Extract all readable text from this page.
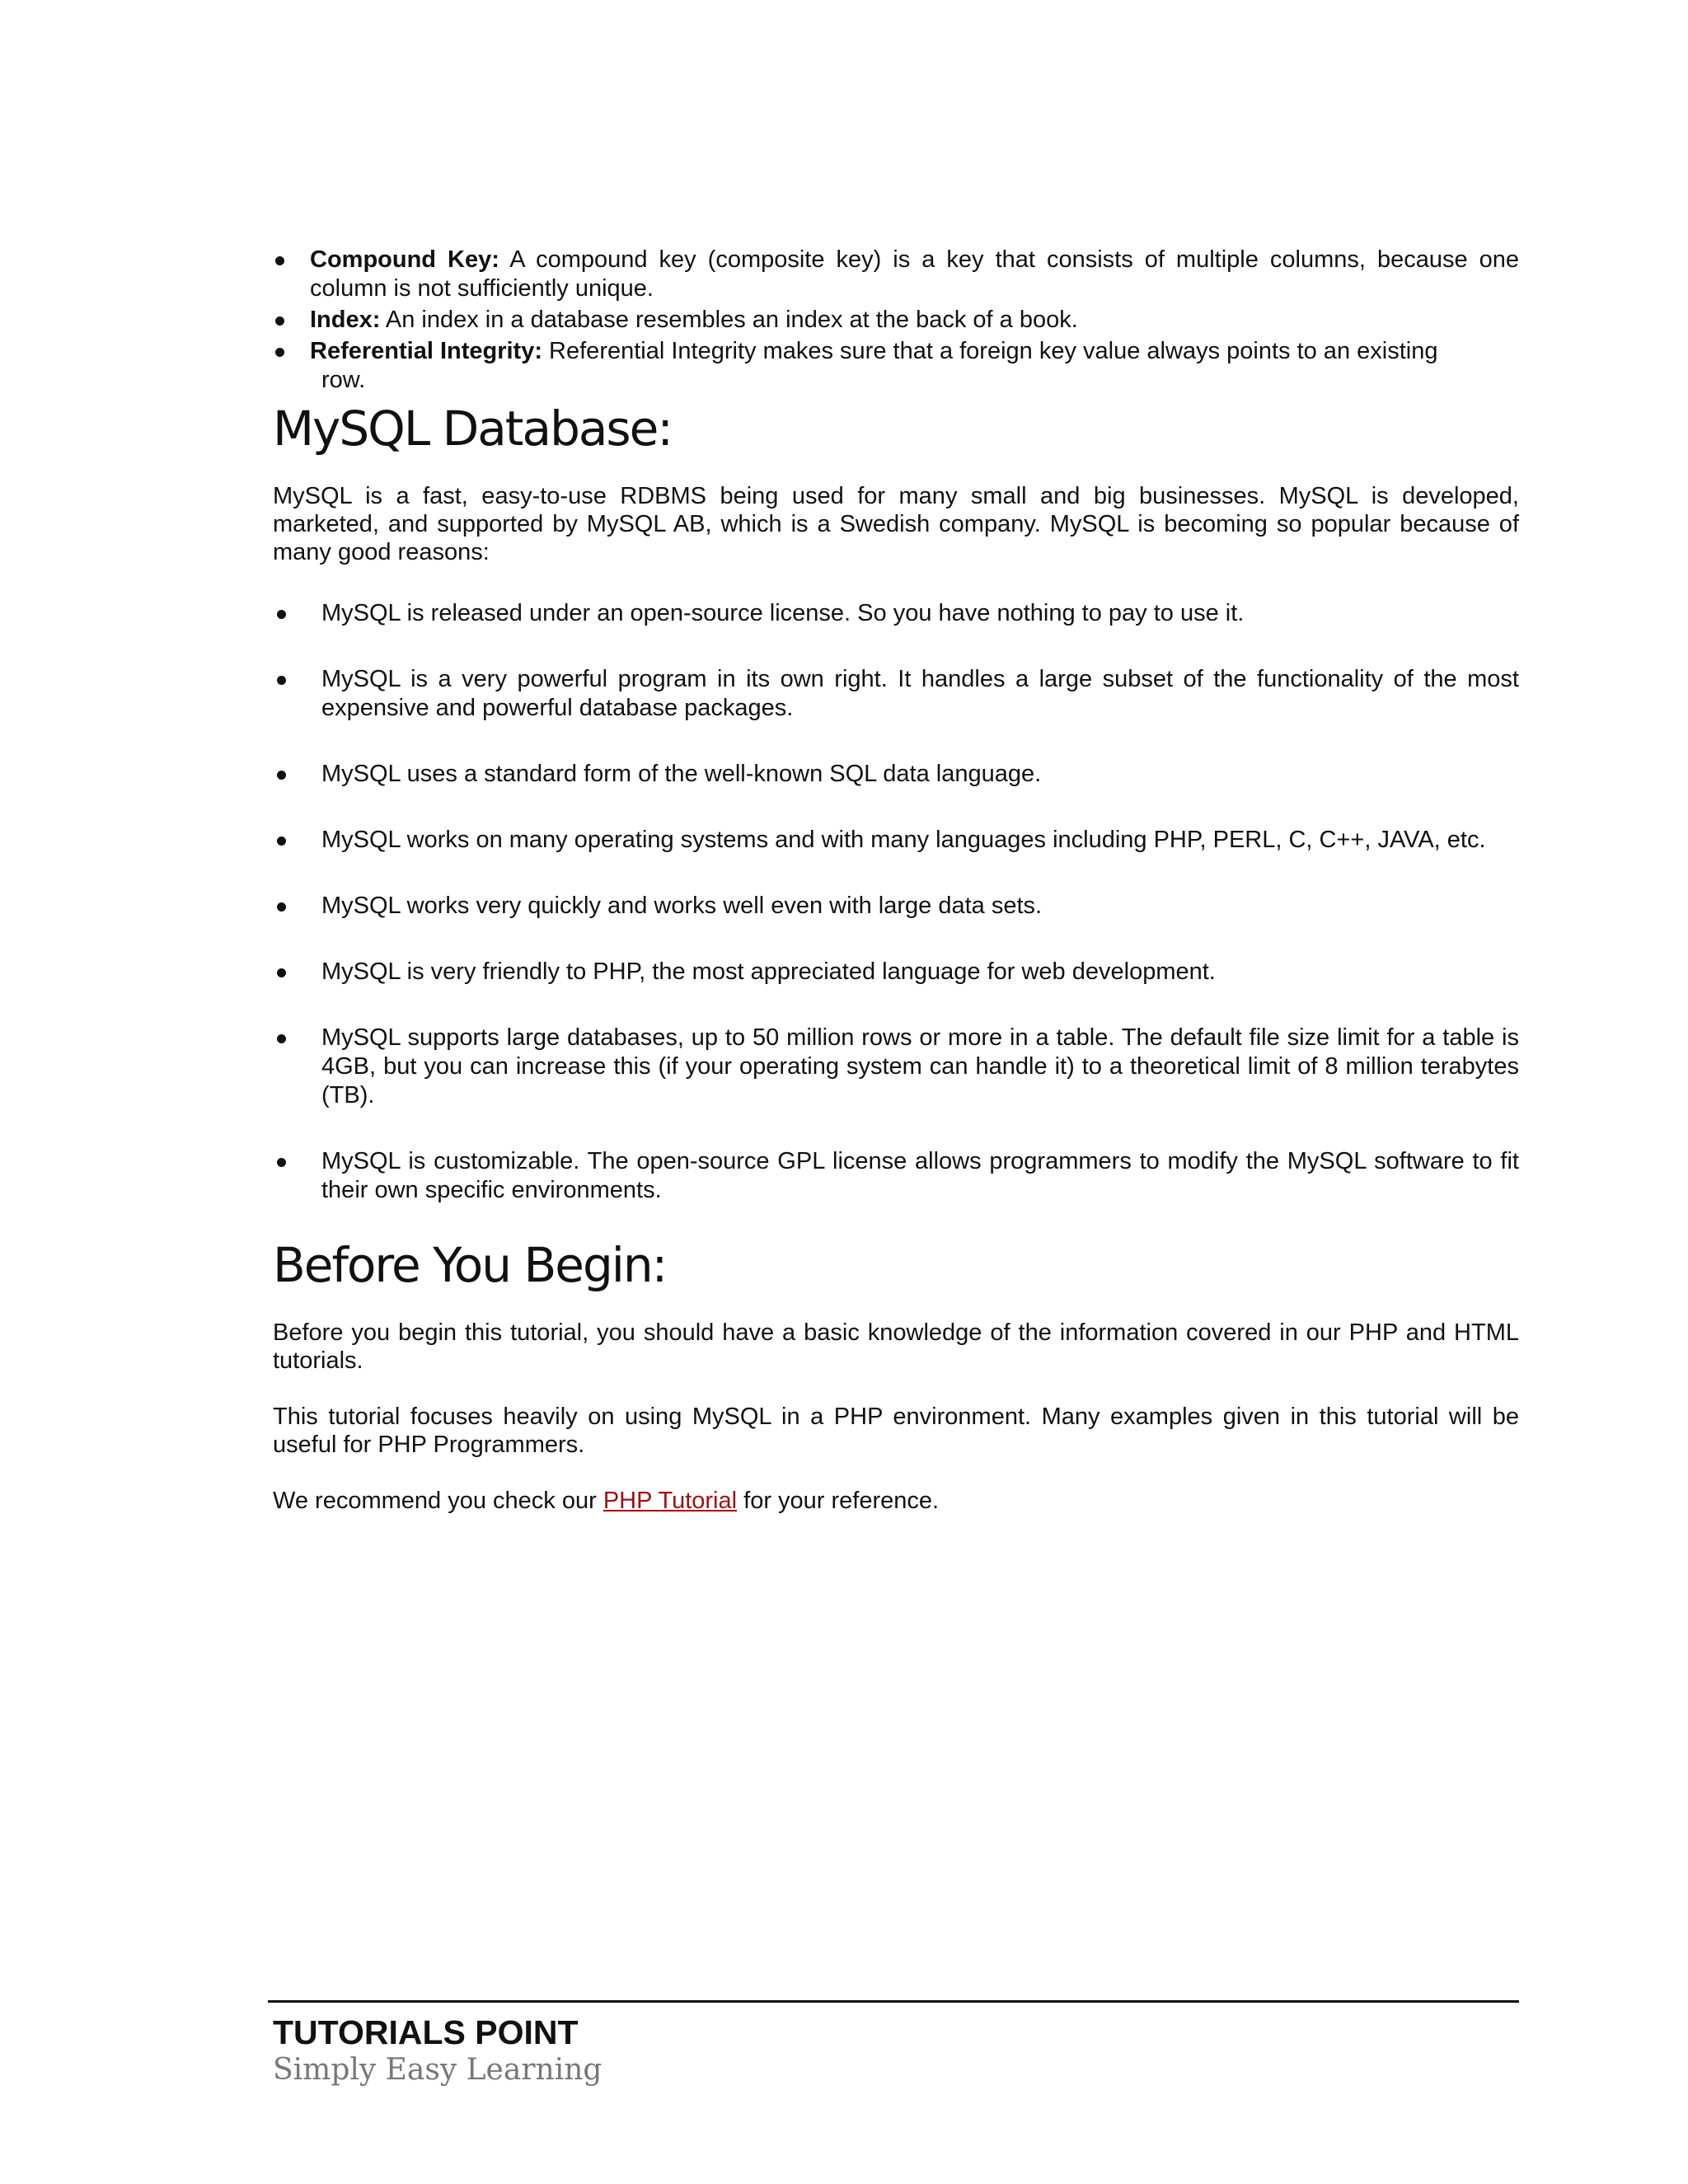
Compound Key: A compound key (composite key) is a key that consists of multiple columns, because one column is not sufficiently unique.
Index: An index in a database resembles an index at the back of a book.
Referential Integrity: Referential Integrity makes sure that a foreign key value always points to an existing
row.
MySQL Database:

MySQL is a fast, easy-to-use RDBMS being used for many small and big businesses. MySQL is developed, marketed, and supported by MySQL AB, which is a Swedish company. MySQL is becoming so popular because of many good reasons:

MySQL is released under an open-source license. So you have nothing to pay to use it.
MySQL is a very powerful program in its own right. It handles a large subset of the functionality of the most expensive and powerful database packages.
MySQL uses a standard form of the well-known SQL data language.
MySQL works on many operating systems and with many languages including PHP, PERL, C, C++, JAVA, etc.
MySQL works very quickly and works well even with large data sets.
MySQL is very friendly to PHP, the most appreciated language for web development.
MySQL supports large databases, up to 50 million rows or more in a table. The default file size limit for a table is 4GB, but you can increase this (if your operating system can handle it) to a theoretical limit of 8 million terabytes (TB).
MySQL is customizable. The open-source GPL license allows programmers to modify the MySQL software to fit their own specific environments.
Before You Begin:

Before you begin this tutorial, you should have a basic knowledge of the information covered in our PHP and HTML tutorials.

This tutorial focuses heavily on using MySQL in a PHP environment. Many examples given in this tutorial will be useful for PHP Programmers.

We recommend you check our PHP Tutorial for your reference.

TUTORIALS POINT
Simply Easy Learning
